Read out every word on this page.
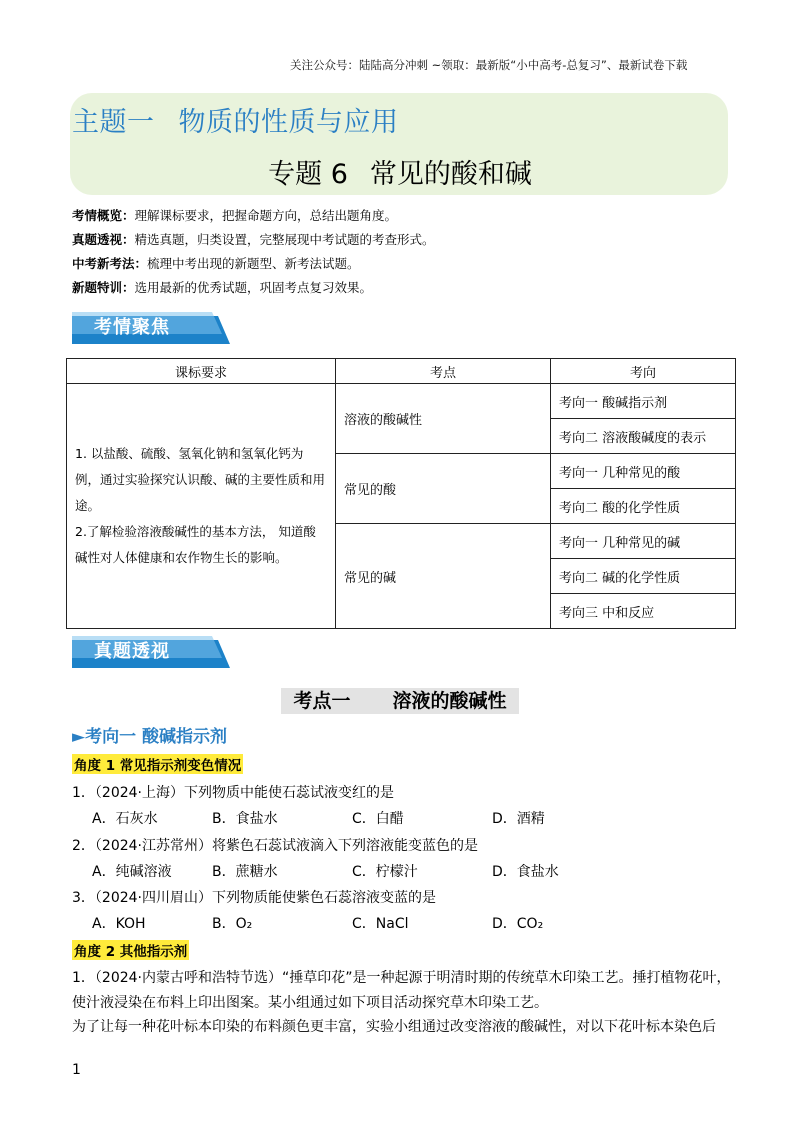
关注公众号：陆陆高分冲刺 ~领取：最新版“小中高考-总复习”、最新试卷下载
主题一 物质的性质与应用
专题 6 常见的酸和碱
考情概览：理解课标要求，把握命题方向，总结出题角度。
真题透视：精选真题，归类设置，完整展现中考试题的考查形式。
中考新考法：梳理中考出现的新题型、新考法试题。
新题特训：选用最新的优秀试题，巩固考点复习效果。
考情聚焦
课标要求	考点	考向

1. 以盐酸、硫酸、氢氧化钠和氢氧化钙为例，通过实验探究认识酸、碱的主要性质和用途。
2.了解检验溶液酸碱性的基本方法， 知道酸碱性对人体健康和农作物生长的影响。	溶液的酸碱性	考向一 酸碱指示剂
		考向二 溶液酸碱度的表示
	常见的酸	考向一 几种常见的酸
		考向二 酸的化学性质
	常见的碱	考向一 几种常见的碱
		考向二 碱的化学性质
		考向三 中和反应
真题透视
考点一 溶液的酸碱性
►考向一 酸碱指示剂
角度 1 常见指示剂变色情况
1．（2024·上海）下列物质中能使石蕊试液变红的是
A．石灰水	B．食盐水	C．白醋	D．酒精
2．（2024·江苏常州）将紫色石蕊试液滴入下列溶液能变蓝色的是
A．纯碱溶液	B．蔗糖水	C．柠檬汁	D．食盐水
3．（2024·四川眉山）下列物质能使紫色石蕊溶液变蓝的是
A．KOH	B．O₂	C．NaCl	D．CO₂
角度 2 其他指示剂
1．（2024·内蒙古呼和浩特节选）“捶草印花”是一种起源于明清时期的传统草木印染工艺。捶打植物花叶，使汁液浸染在布料上印出图案。某小组通过如下项目活动探究草木印染工艺。
为了让每一种花叶标本印染的布料颜色更丰富，实验小组通过改变溶液的酸碱性，对以下花叶标本染色后
1
